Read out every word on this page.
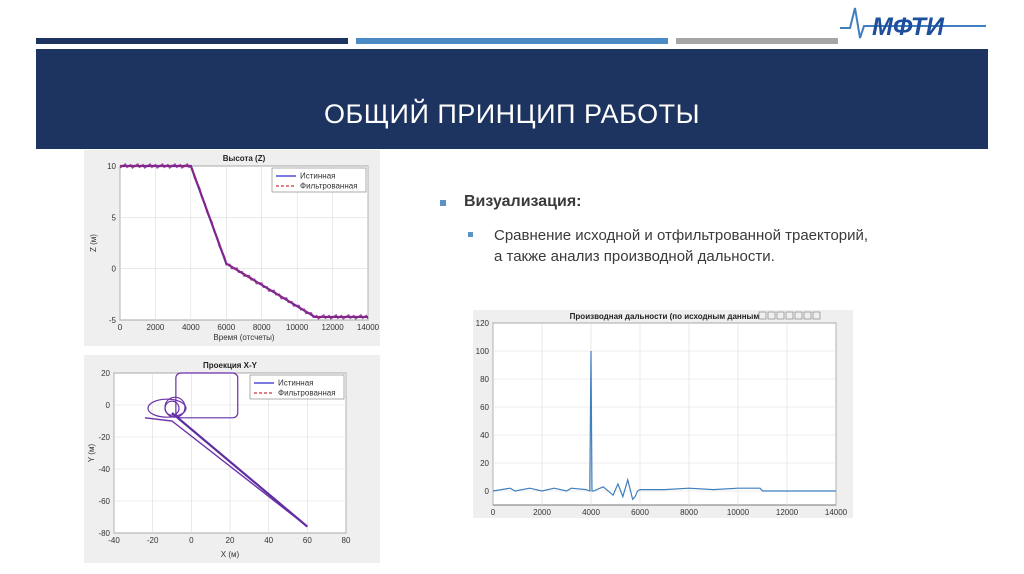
МФТИ
ОБЩИЙ ПРИНЦИП РАБОТЫ
0	2000 4000 6000 8000 10000 12000 14000
10
5
0
-5
Высота (Z)
Время (отсчеты)
Z (м)
Истинная
Фильтрованная
-40	-20	0	20	40	60	80
20
0
-20
-40
-60
-80
Проекция X-Y
X (м)
Y (м)
Истинная
Фильтрованная
0	2000	4000	6000	8000	10000	12000	14000
120
100
80
60
40
20
0
Производная дальности (по исходным данным
Визуализация:
Сравнение исходной и отфильтрованной траекторий,
а также анализ производной дальности.
